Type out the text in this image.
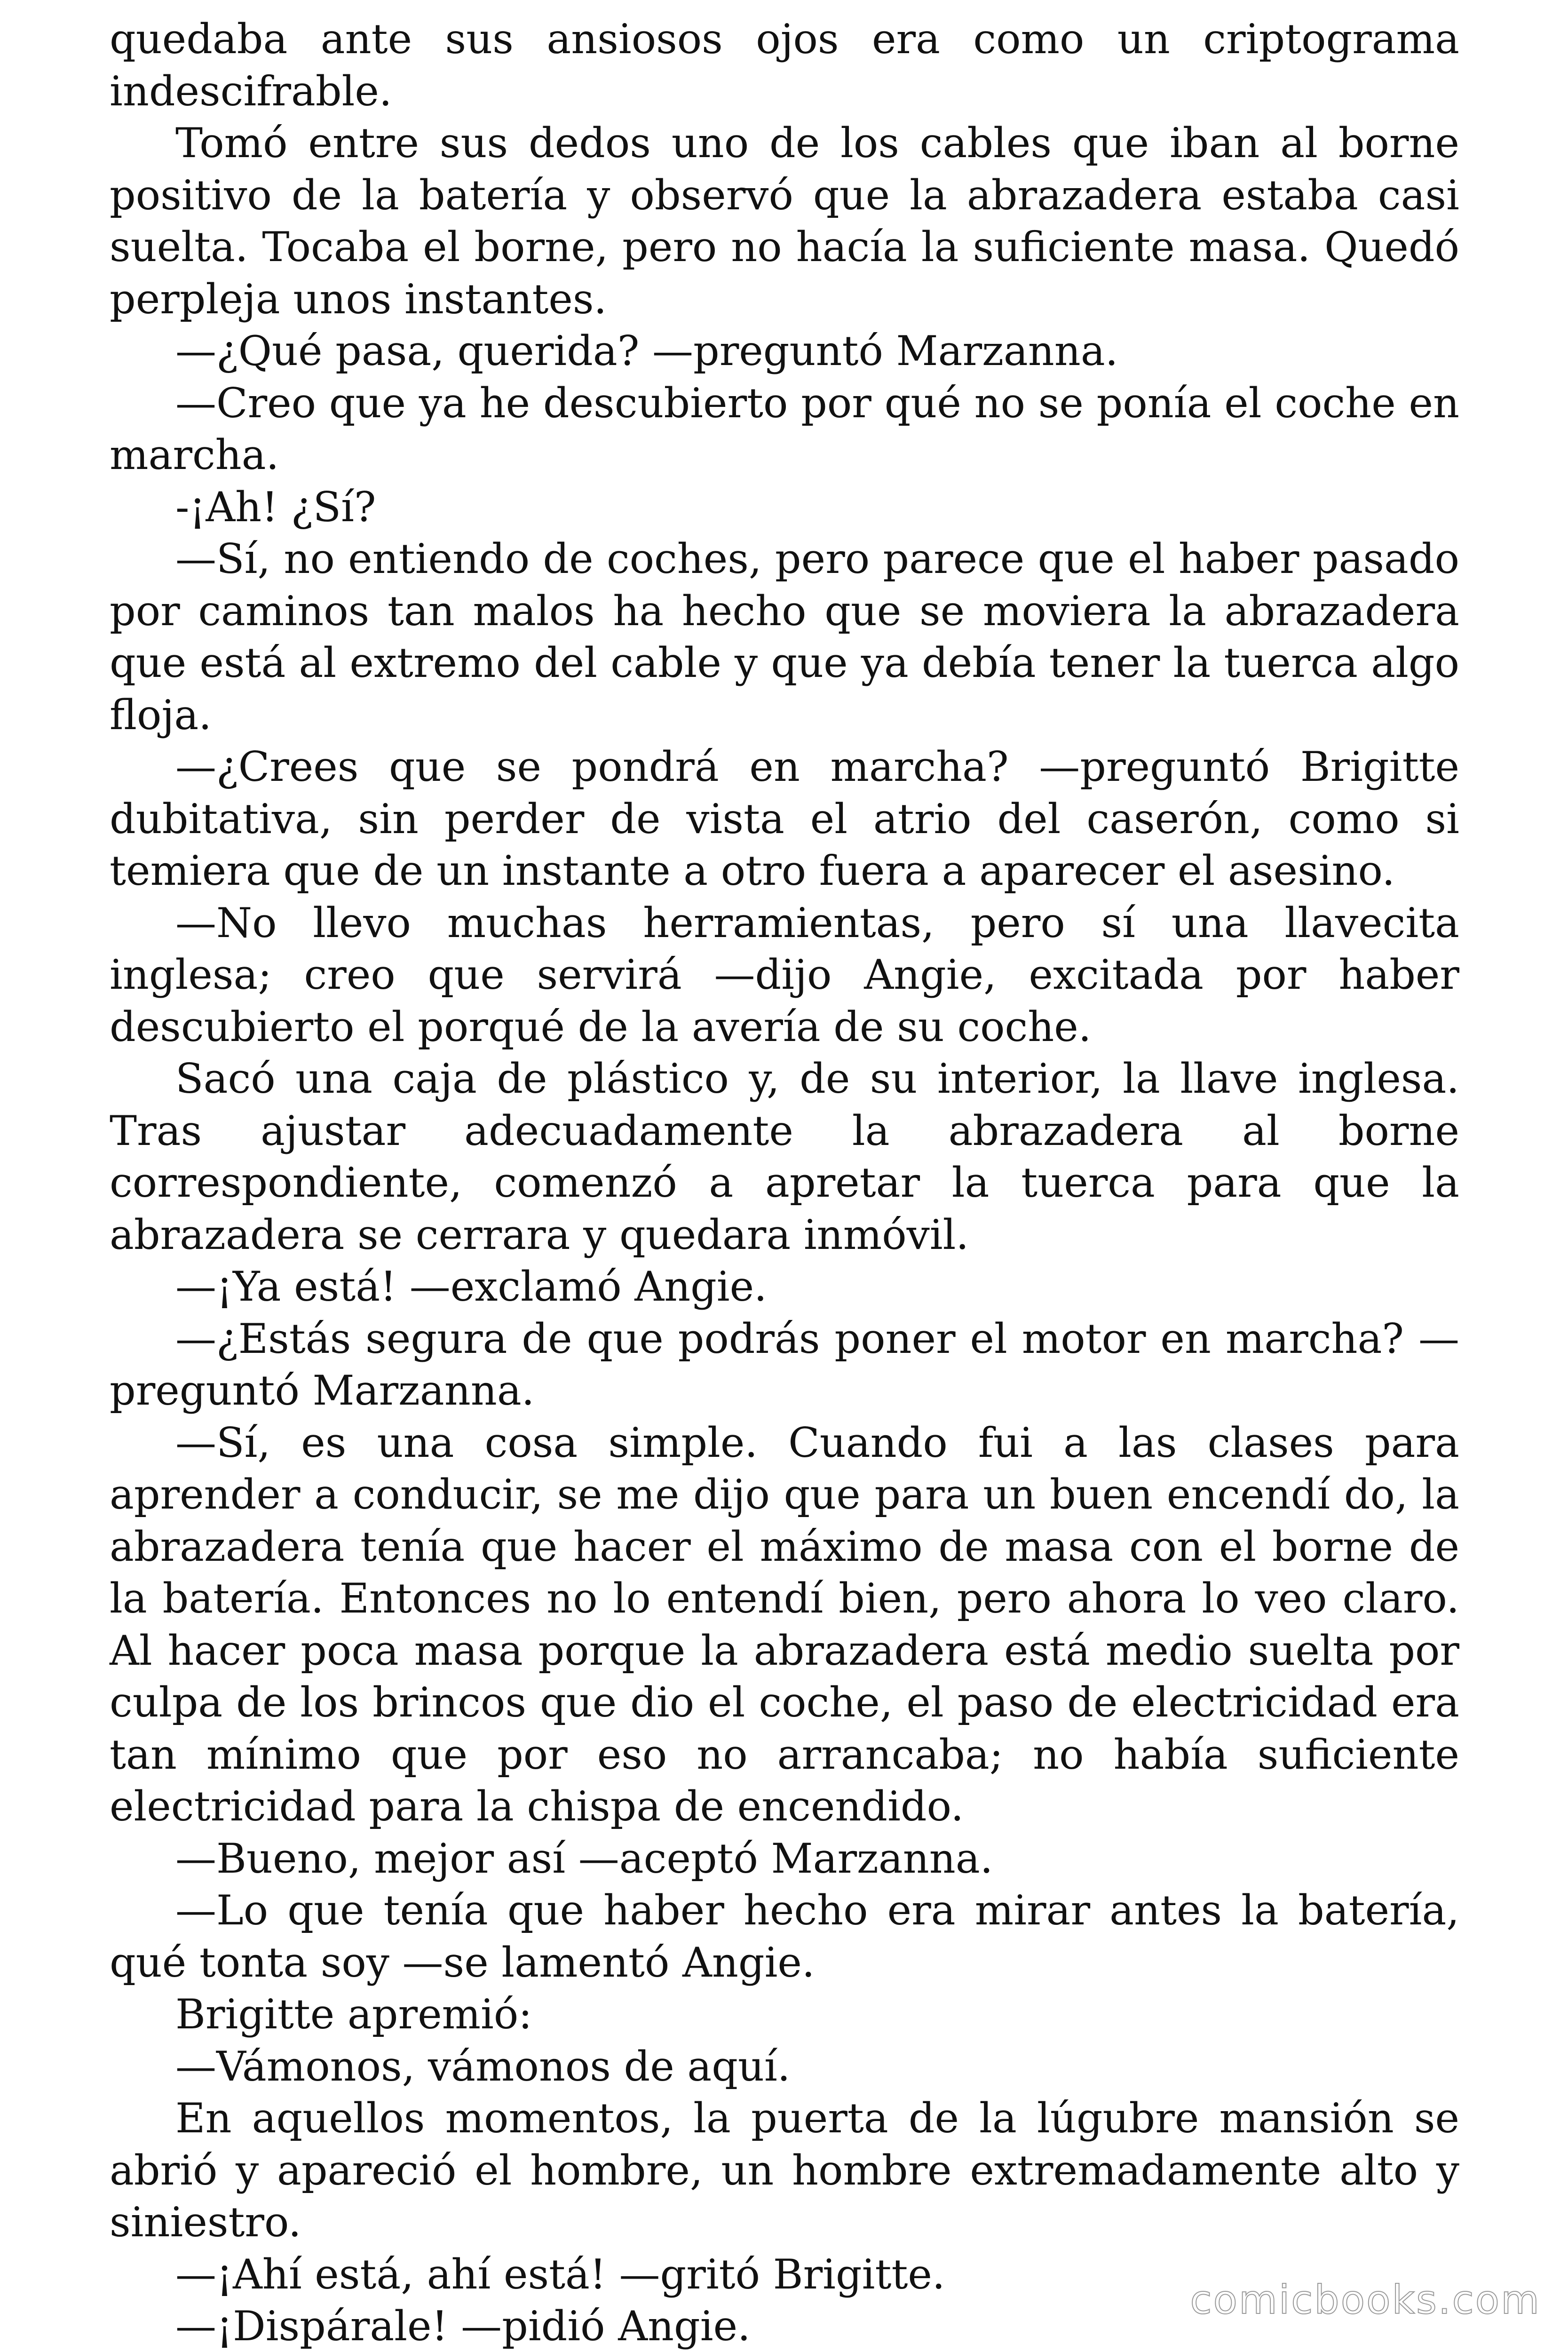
quedaba ante sus ansiosos ojos era como un criptograma indescifrable.

Tomó entre sus dedos uno de los cables que iban al borne positivo de la batería y observó que la abrazadera estaba casi suelta. Tocaba el borne, pero no hacía la suficiente masa. Quedó perpleja unos instantes.

—¿Qué pasa, querida? —preguntó Marzanna.

—Creo que ya he descubierto por qué no se ponía el coche en marcha.

-¡Ah! ¿Sí?

—Sí, no entiendo de coches, pero parece que el haber pasado por caminos tan malos ha hecho que se moviera la abrazadera que está al extremo del cable y que ya debía tener la tuerca algo floja.

—¿Crees que se pondrá en marcha? —preguntó Brigitte dubitativa, sin perder de vista el atrio del caserón, como si temiera que de un instante a otro fuera a aparecer el asesino.

—No llevo muchas herramientas, pero sí una llavecita inglesa; creo que servirá —dijo Angie, excitada por haber descubierto el porqué de la avería de su coche.

Sacó una caja de plástico y, de su interior, la llave inglesa. Tras ajustar adecuadamente la abrazadera al borne correspondiente, comenzó a apretar la tuerca para que la abrazadera se cerrara y quedara inmóvil.

—¡Ya está! —exclamó Angie.

—¿Estás segura de que podrás poner el motor en marcha? —preguntó Marzanna.

—Sí, es una cosa simple. Cuando fui a las clases para aprender a conducir, se me dijo que para un buen encendí do, la abrazadera tenía que hacer el máximo de masa con el borne de la batería. Entonces no lo entendí bien, pero ahora lo veo claro. Al hacer poca masa porque la abrazadera está medio suelta por culpa de los brincos que dio el coche, el paso de electricidad era tan mínimo que por eso no arrancaba; no había suficiente electricidad para la chispa de encendido.

—Bueno, mejor así —aceptó Marzanna.

—Lo que tenía que haber hecho era mirar antes la batería, qué tonta soy —se lamentó Angie.

Brigitte apremió:

—Vámonos, vámonos de aquí.

En aquellos momentos, la puerta de la lúgubre mansión se abrió y apareció el hombre, un hombre extremadamente alto y siniestro.

—¡Ahí está, ahí está! —gritó Brigitte.

—¡Dispárale! —pidió Angie.

comicbooks.com
